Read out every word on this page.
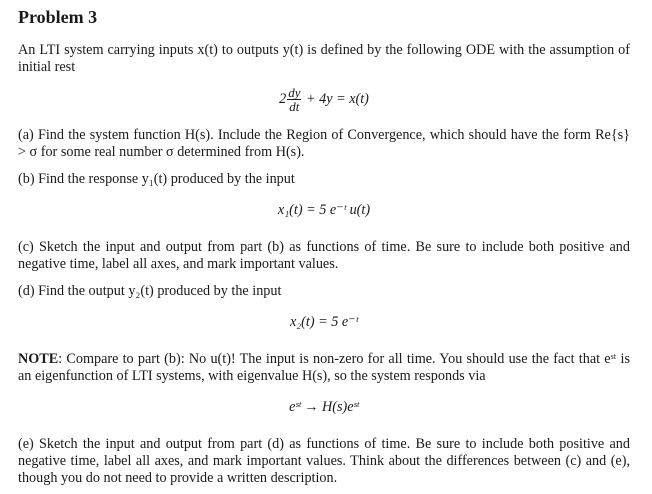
Problem 3

An LTI system carrying inputs x(t) to outputs y(t) is defined by the following ODE with the assumption of initial rest

$2 \frac{dy}{dt} + 4y = x(t)$

(a) Find the system function H(s). Include the Region of Convergence, which should have the form Re{s} > σ for some real number σ determined from H(s).

(b) Find the response y₁(t) produced by the input

x₁(t) = 5 e⁻ᵗ u(t)

(c) Sketch the input and output from part (b) as functions of time. Be sure to include both positive and negative time, label all axes, and mark important values.

(d) Find the output y₂(t) produced by the input

x₂(t) = 5 e⁻ᵗ

NOTE: Compare to part (b): No u(t)! The input is non-zero for all time. You should use the fact that eˢᵗ is an eigenfunction of LTI systems, with eigenvalue H(s), so the system responds via

eˢᵗ → H(s)eˢᵗ

(e) Sketch the input and output from part (d) as functions of time. Be sure to include both positive and negative time, label all axes, and mark important values. Think about the differences between (c) and (e), though you do not need to provide a written description.
